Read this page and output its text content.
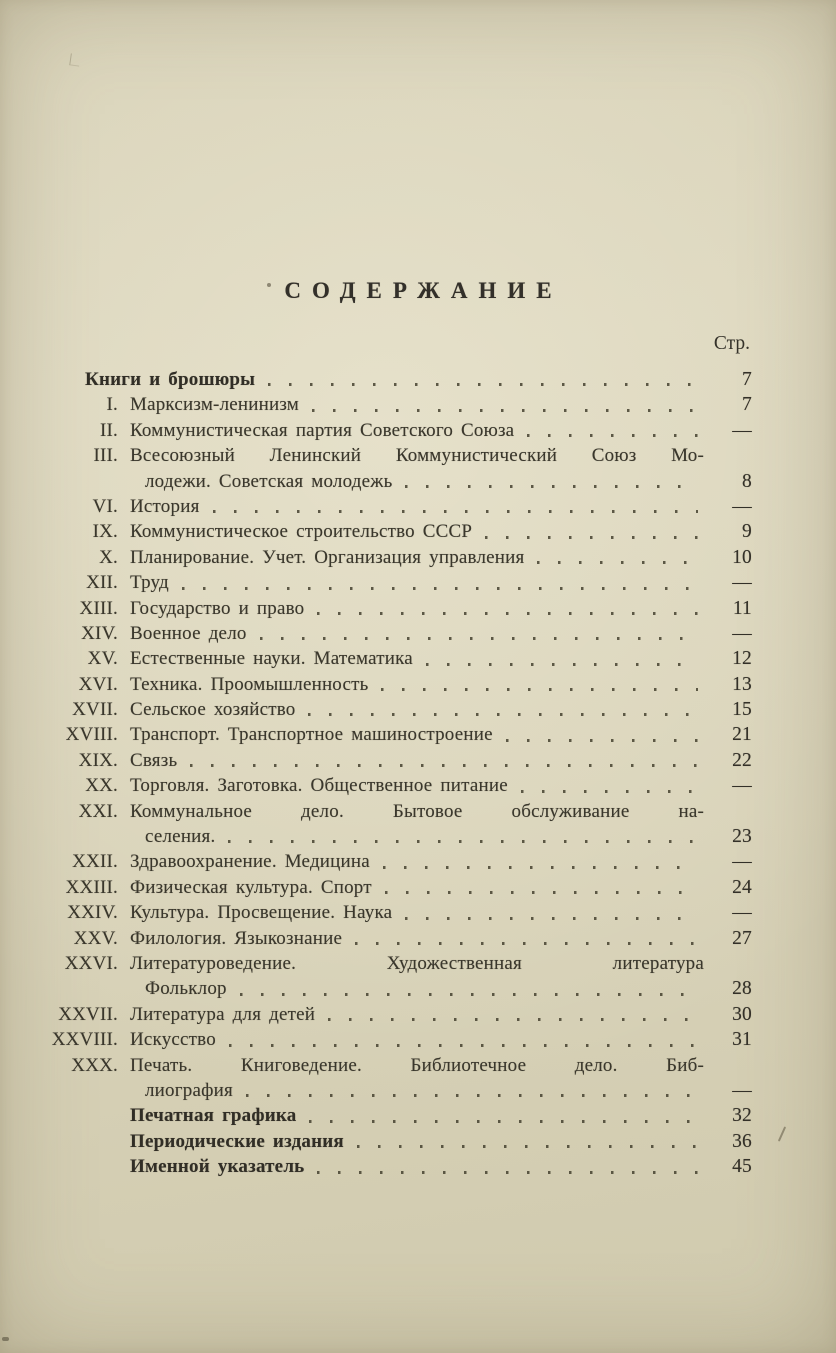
СОДЕРЖАНИЕ
Стр.
Книги и брошюры	7
I. Марксизм-ленинизм	7
II. Коммунистическая партия Советского Союза	—
III. Всесоюзный Ленинский Коммунистический Союз Мо-
лодежи. Советская молодежь	8
VI. История	—
IX. Коммунистическое строительство СССР	9
X. Планирование. Учет. Организация управления	10
XII. Труд	—
XIII. Государство и право	11
XIV. Военное дело	—
XV. Естественные науки. Математика	12
XVI. Техника. Проомышленность	13
XVII. Сельское хозяйство	15
XVIII. Транспорт. Транспортное машиностроение	21
XIX. Связь	22
XX. Торговля. Заготовка. Общественное питание	—
XXI. Коммунальное дело. Бытовое обслуживание на-
селения.	23
XXII. Здравоохранение. Медицина	—
XXIII. Физическая культура. Спорт	24
XXIV. Культура. Просвещение. Наука	—
XXV. Филология. Языкознание	27
XXVI. Литературоведение. Художественная литература
Фольклор	28
XXVII. Литература для детей	30
XXVIII. Искусство	31
XXX. Печать. Книговедение. Библиотечное дело. Биб-
лиография	—
Печатная графика	32
Периодические издания	36
Именной указатель	45
